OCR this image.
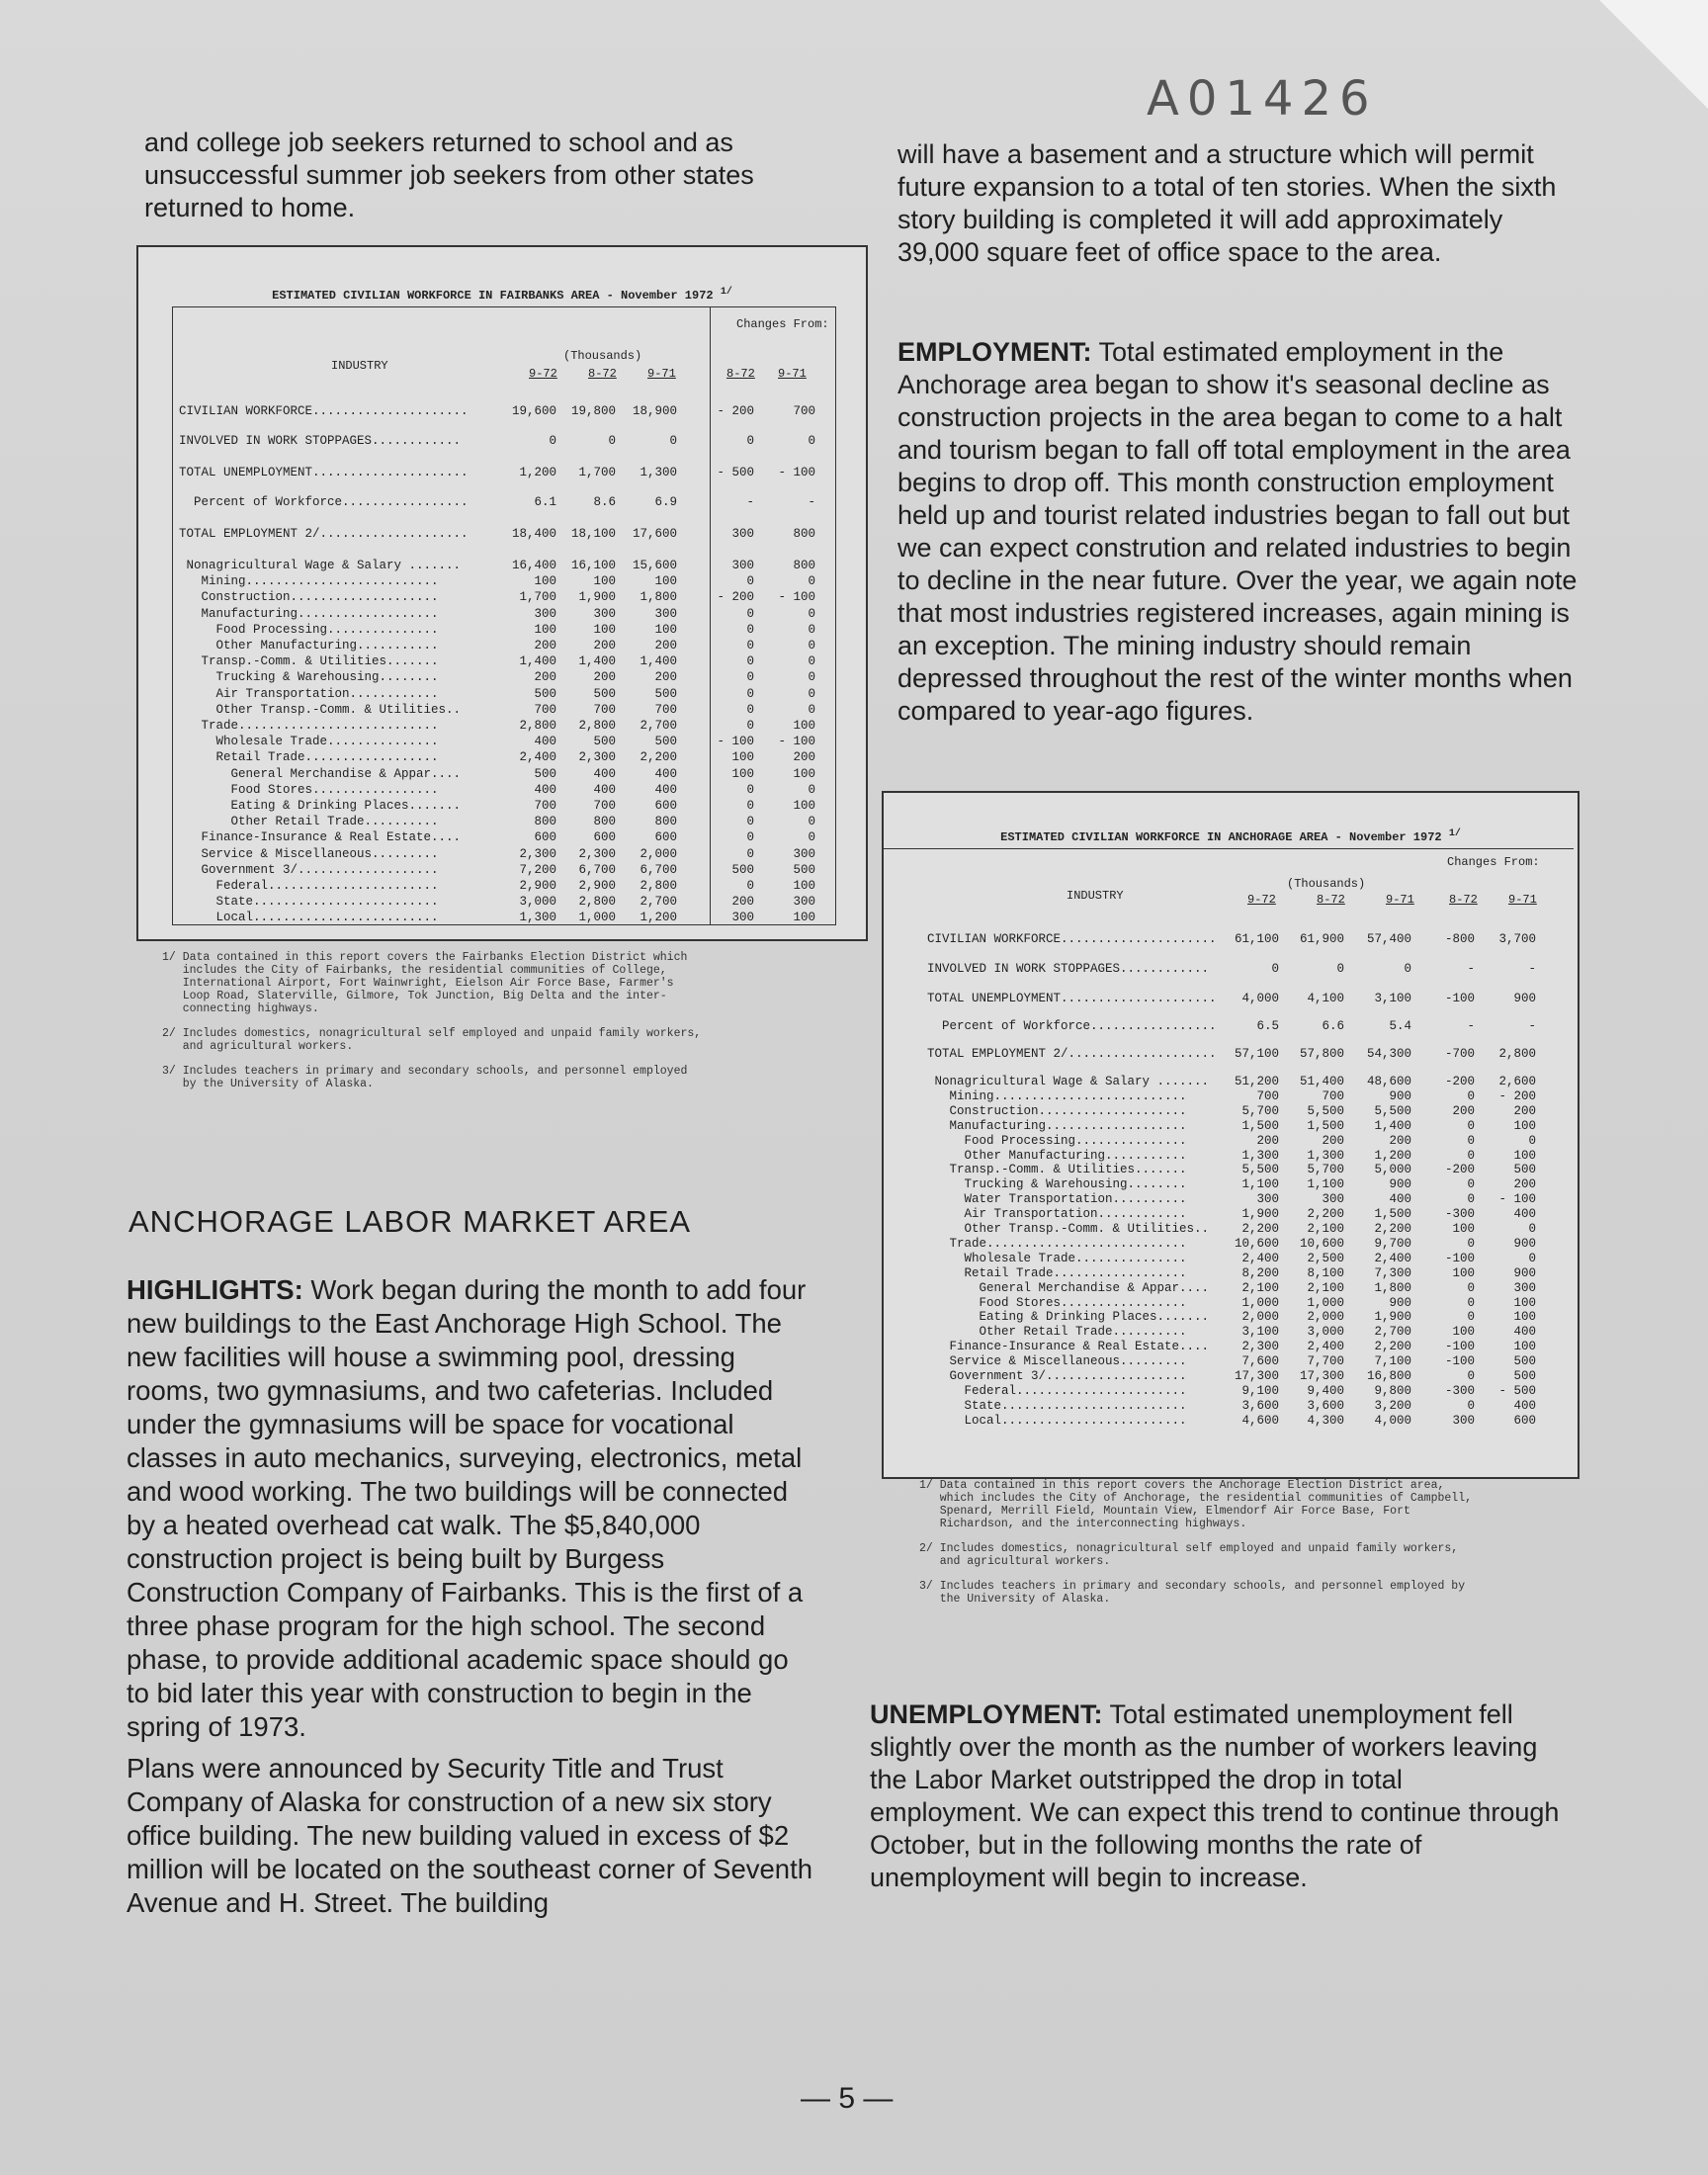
A01426

and college job seekers returned to school and as unsuccessful summer job seekers from other states returned to home.

ESTIMATED CIVILIAN WORKFORCE IN FAIRBANKS AREA - November 1972 $^{1/}$
Changes From:
INDUSTRY
(Thousands)
9-72	8-72	9-71	8-72 9-71
CIVILIAN WORKFORCE.....................	19,600	19,800	18,900	- 200	700
INVOLVED IN WORK STOPPAGES............	0	0	0	0	0
TOTAL UNEMPLOYMENT.....................	1,200	1,700	1,300	- 500	- 100
Percent of Workforce.................	6.1	8.6	6.9	-	-
TOTAL EMPLOYMENT 2/....................	18,400	18,100	17,600	300	800
Nonagricultural Wage & Salary .......	16,400	16,100	15,600	300	800
Mining..........................	100	100	100	0	0
Construction....................	1,700	1,900	1,800	- 200	- 100
Manufacturing...................	300	300	300	0	0
Food Processing...............	100	100	100	0	0
Other Manufacturing...........	200	200	200	0	0
Transp.-Comm. & Utilities.......	1,400	1,400	1,400	0	0
Trucking & Warehousing........	200	200	200	0	0
Air Transportation............	500	500	500	0	0
Other Transp.-Comm. & Utilities..	700	700	700	0	0
Trade...........................	2,800	2,800	2,700	0	100
Wholesale Trade...............	400	500	500	- 100	- 100
Retail Trade..................	2,400	2,300	2,200	100	200
General Merchandise & Appar....	500	400	400	100	100
Food Stores.................	400	400	400	0	0
Eating & Drinking Places.......	700	700	600	0	100
Other Retail Trade..........	800	800	800	0	0
Finance-Insurance & Real Estate....	600	600	600	0	0
Service & Miscellaneous.........	2,300	2,300	2,000	0	300
Government 3/...................	7,200	6,700	6,700	500	500
Federal.......................	2,900	2,900	2,800	0	100
State.........................	3,000	2,800	2,700	200	300
Local.........................	1,300	1,000	1,200	300	100

1/ Data contained in this report covers the Fairbanks Election District which
includes the City of Fairbanks, the residential communities of College,
International Airport, Fort Wainwright, Eielson Air Force Base, Farmer's
Loop Road, Slaterville, Gilmore, Tok Junction, Big Delta and the inter-
connecting highways.

2/ Includes domestics, nonagricultural self employed and unpaid family workers,
and agricultural workers.

3/ Includes teachers in primary and secondary schools, and personnel employed
by the University of Alaska.

ANCHORAGE LABOR MARKET AREA

HIGHLIGHTS: Work began during the month to add four new buildings to the East Anchorage High School. The new facilities will house a swimming pool, dressing rooms, two gymnasiums, and two cafeterias. Included under the gymnasiums will be space for vocational classes in auto mechanics, surveying, electronics, metal and wood working. The two buildings will be connected by a heated overhead cat walk. The $5,840,000 construction project is being built by Burgess Construction Company of Fairbanks. This is the first of a three phase program for the high school. The second phase, to provide additional academic space should go to bid later this year with construction to begin in the spring of 1973.

Plans were announced by Security Title and Trust Company of Alaska for construction of a new six story office building. The new building valued in excess of $2 million will be located on the southeast corner of Seventh Avenue and H. Street. The building

will have a basement and a structure which will permit future expansion to a total of ten stories. When the sixth story building is completed it will add approximately 39,000 square feet of office space to the area.

EMPLOYMENT: Total estimated employment in the Anchorage area began to show it's seasonal decline as construction projects in the area began to come to a halt and tourism began to fall off total employment in the area begins to drop off. This month construction employment held up and tourist related industries began to fall out but we can expect constrution and related industries to begin to decline in the near future. Over the year, we again note that most industries registered increases, again mining is an exception. The mining industry should remain depressed throughout the rest of the winter months when compared to year-ago figures.

ESTIMATED CIVILIAN WORKFORCE IN ANCHORAGE AREA - November 1972 $^{1/}$
Changes From:
INDUSTRY
(Thousands)
9-72	8-72	9-71	8-72	9-71
CIVILIAN WORKFORCE.....................	61,100	61,900	57,400	-800	3,700
INVOLVED IN WORK STOPPAGES............	0	0	0	-	-
TOTAL UNEMPLOYMENT.....................	4,000	4,100	3,100	-100	900
Percent of Workforce.................	6.5	6.6	5.4	-	-
TOTAL EMPLOYMENT 2/....................	57,100	57,800	54,300	-700	2,800
Nonagricultural Wage & Salary .......	51,200	51,400	48,600	-200	2,600
Mining..........................	700	700	900	0	- 200
Construction....................	5,700	5,500	5,500	200	200
Manufacturing...................	1,500	1,500	1,400	0	100
Food Processing...............	200	200	200	0	0
Other Manufacturing...........	1,300	1,300	1,200	0	100
Transp.-Comm. & Utilities.......	5,500	5,700	5,000	-200	500
Trucking & Warehousing........	1,100	1,100	900	0	200
Water Transportation..........	300	300	400	0	- 100
Air Transportation............	1,900	2,200	1,500	-300	400
Other Transp.-Comm. & Utilities..	2,200	2,100	2,200	100	0
Trade...........................	10,600	10,600	9,700	0	900
Wholesale Trade...............	2,400	2,500	2,400	-100	0
Retail Trade..................	8,200	8,100	7,300	100	900
General Merchandise & Appar....	2,100	2,100	1,800	0	300
Food Stores.................	1,000	1,000	900	0	100
Eating & Drinking Places.......	2,000	2,000	1,900	0	100
Other Retail Trade..........	3,100	3,000	2,700	100	400
Finance-Insurance & Real Estate....	2,300	2,400	2,200	-100	100
Service & Miscellaneous.........	7,600	7,700	7,100	-100	500
Government 3/...................	17,300	17,300	16,800	0	500
Federal.......................	9,100	9,400	9,800	-300	- 500
State.........................	3,600	3,600	3,200	0	400
Local.........................	4,600	4,300	4,000	300	600

1/ Data contained in this report covers the Anchorage Election District area,
which includes the City of Anchorage, the residential communities of Campbell,
Spenard, Merrill Field, Mountain View, Elmendorf Air Force Base, Fort
Richardson, and the interconnecting highways.

2/ Includes domestics, nonagricultural self employed and unpaid family workers,
and agricultural workers.

3/ Includes teachers in primary and secondary schools, and personnel employed by
the University of Alaska.

UNEMPLOYMENT: Total estimated unemployment fell slightly over the month as the number of workers leaving the Labor Market outstripped the drop in total employment. We can expect this trend to continue through October, but in the following months the rate of unemployment will begin to increase.

— 5 —
